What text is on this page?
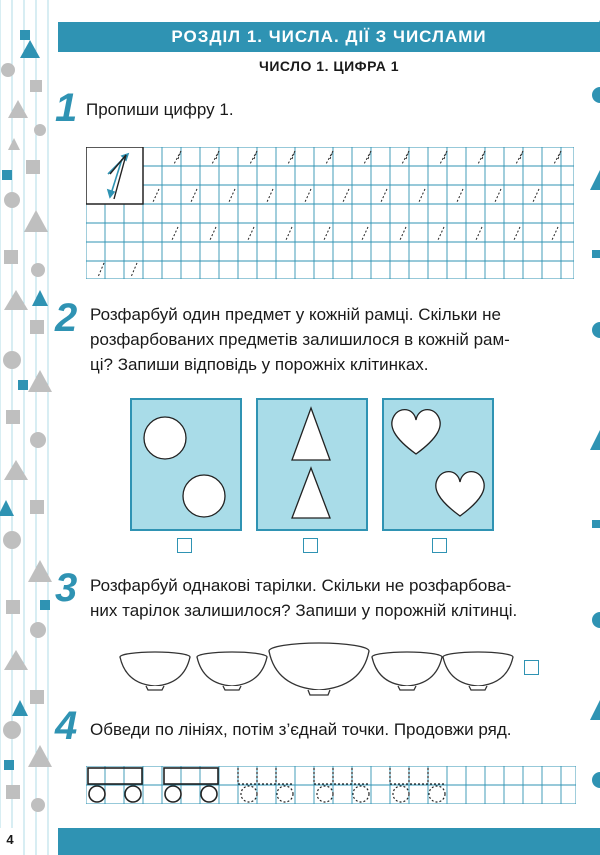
РОЗДІЛ 1. ЧИСЛА. ДІЇ З ЧИСЛАМИ
ЧИСЛО 1. ЦИФРА 1
1 Пропиши цифру 1.
2 Розфарбуй один предмет у кожній рамці. Скільки не
розфарбованих предметів залишилося в кожній рам-
ці? Запиши відповідь у порожніх клітинках.
3 Розфарбуй однакові тарілки. Скільки не розфарбова-
них тарілок залишилося? Запиши у порожній клітинці.
4 Обведи по лініях, потім з’єднай точки. Продовжи ряд.
4
